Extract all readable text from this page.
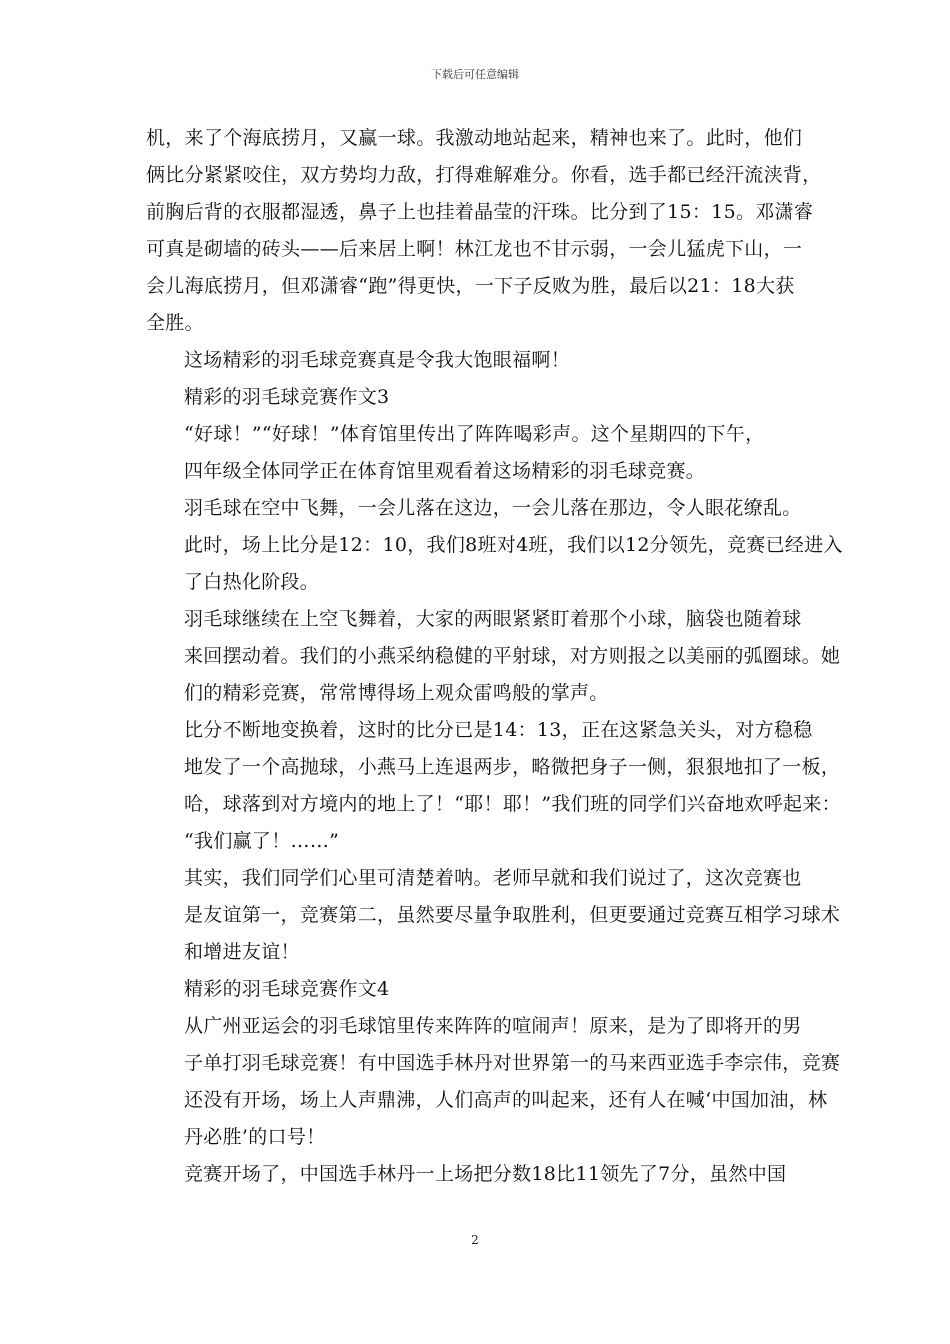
下载后可任意编辑
机，来了个海底捞月，又赢一球。我激动地站起来，精神也来了。此时，他们
俩比分紧紧咬住，双方势均力敌，打得难解难分。你看，选手都已经汗流浃背，
前胸后背的衣服都湿透，鼻子上也挂着晶莹的汗珠。比分到了15：15。邓潇睿
可真是砌墙的砖头——后来居上啊！林江龙也不甘示弱，一会儿猛虎下山，一
会儿海底捞月，但邓潇睿“跑”得更快，一下子反败为胜，最后以21：18大获
全胜。
这场精彩的羽毛球竞赛真是令我大饱眼福啊！
精彩的羽毛球竞赛作文3
“好球！”“好球！”体育馆里传出了阵阵喝彩声。这个星期四的下午，
四年级全体同学正在体育馆里观看着这场精彩的羽毛球竞赛。
羽毛球在空中飞舞，一会儿落在这边，一会儿落在那边，令人眼花缭乱。
此时，场上比分是12：10，我们8班对4班，我们以12分领先，竞赛已经进入
了白热化阶段。
羽毛球继续在上空飞舞着，大家的两眼紧紧盯着那个小球，脑袋也随着球
来回摆动着。我们的小燕采纳稳健的平射球，对方则报之以美丽的弧圈球。她
们的精彩竞赛，常常博得场上观众雷鸣般的掌声。
比分不断地变换着，这时的比分已是14：13，正在这紧急关头，对方稳稳
地发了一个高抛球，小燕马上连退两步，略微把身子一侧，狠狠地扣了一板，
哈，球落到对方境内的地上了！“耶！耶！”我们班的同学们兴奋地欢呼起来：
“我们赢了！……”
其实，我们同学们心里可清楚着呐。老师早就和我们说过了，这次竞赛也
是友谊第一，竞赛第二，虽然要尽量争取胜利，但更要通过竞赛互相学习球术
和增进友谊！
精彩的羽毛球竞赛作文4
从广州亚运会的羽毛球馆里传来阵阵的喧闹声！原来，是为了即将开的男
子单打羽毛球竞赛！有中国选手林丹对世界第一的马来西亚选手李宗伟，竞赛
还没有开场，场上人声鼎沸，人们高声的叫起来，还有人在喊‘中国加油，林
丹必胜’的口号！
竞赛开场了，中国选手林丹一上场把分数18比11领先了7分，虽然中国
2
